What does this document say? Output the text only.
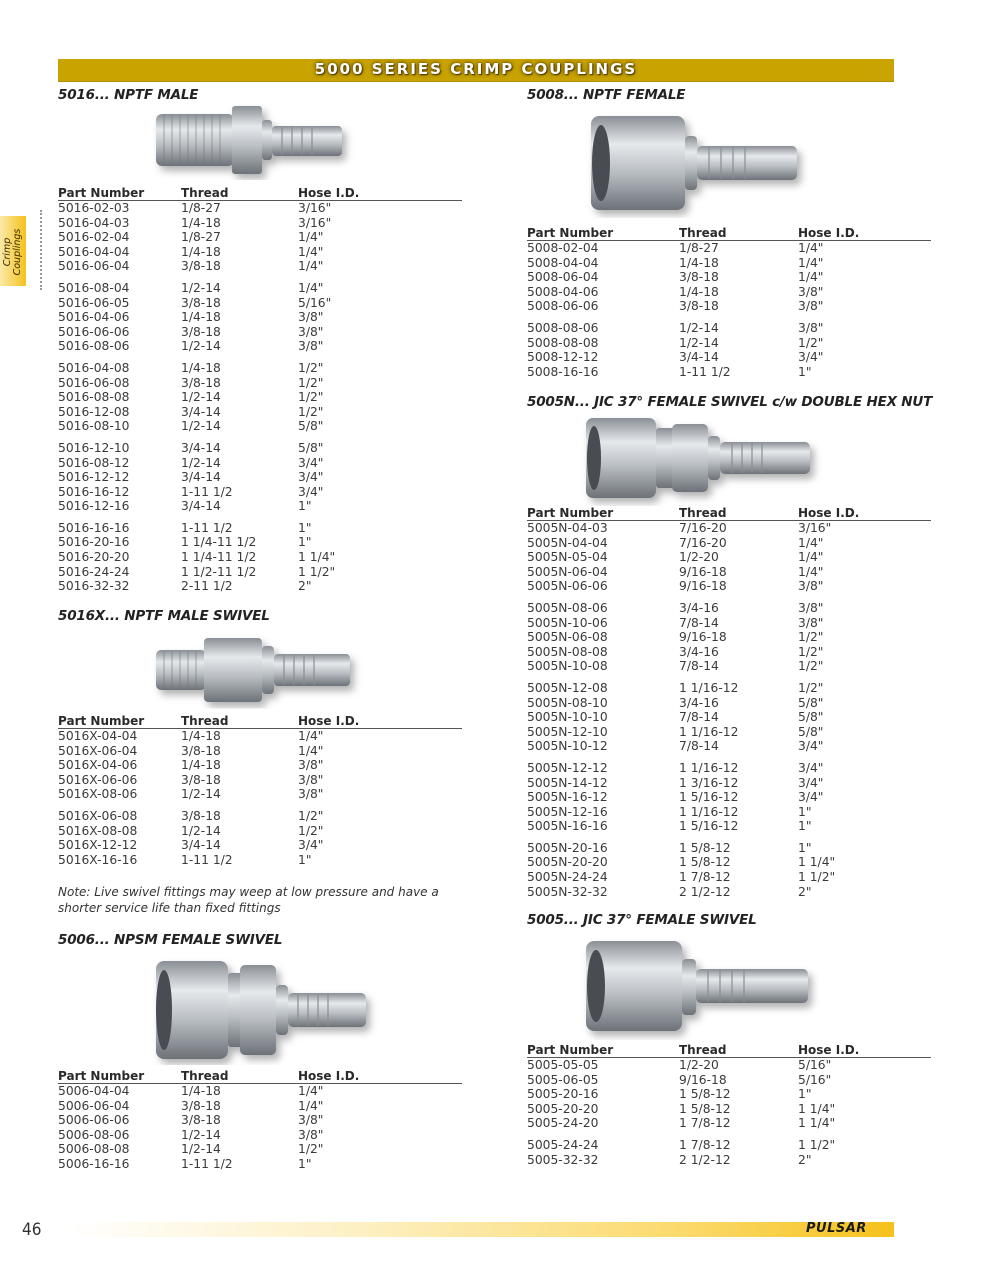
5000 SERIES CRIMP COUPLINGS
Crimp Couplings
5016... NPTF MALE
5016X... NPTF MALE SWIVEL
5006... NPSM FEMALE SWIVEL
5008... NPTF FEMALE
5005N... JIC 37° FEMALE SWIVEL c/w DOUBLE HEX NUT
5005... JIC 37° FEMALE SWIVEL
Note: Live swivel fittings may weep at low pressure and have a shorter service life than fixed fittings
Part Number	Thread	Hose I.D.
5016-02-03	1/8-27	3/16"
5016-04-03	1/4-18	3/16"
5016-02-04	1/8-27	1/4"
5016-04-04	1/4-18	1/4"
5016-06-04	3/8-18	1/4"
5016-08-04	1/2-14	1/4"
5016-06-05	3/8-18	5/16"
5016-04-06	1/4-18	3/8"
5016-06-06	3/8-18	3/8"
5016-08-06	1/2-14	3/8"
5016-04-08	1/4-18	1/2"
5016-06-08	3/8-18	1/2"
5016-08-08	1/2-14	1/2"
5016-12-08	3/4-14	1/2"
5016-08-10	1/2-14	5/8"
5016-12-10	3/4-14	5/8"
5016-08-12	1/2-14	3/4"
5016-12-12	3/4-14	3/4"
5016-16-12	1-11 1/2	3/4"
5016-12-16	3/4-14	1"
5016-16-16	1-11 1/2	1"
5016-20-16	1 1/4-11 1/2	1"
5016-20-20	1 1/4-11 1/2	1 1/4"
5016-24-24	1 1/2-11 1/2	1 1/2"
5016-32-32	2-11 1/2	2"
Part Number	Thread	Hose I.D.
5016X-04-04	1/4-18	1/4"
5016X-06-04	3/8-18	1/4"
5016X-04-06	1/4-18	3/8"
5016X-06-06	3/8-18	3/8"
5016X-08-06	1/2-14	3/8"
5016X-06-08	3/8-18	1/2"
5016X-08-08	1/2-14	1/2"
5016X-12-12	3/4-14	3/4"
5016X-16-16	1-11 1/2	1"
Part Number	Thread	Hose I.D.
5006-04-04	1/4-18	1/4"
5006-06-04	3/8-18	1/4"
5006-06-06	3/8-18	3/8"
5006-08-06	1/2-14	3/8"
5006-08-08	1/2-14	1/2"
5006-16-16	1-11 1/2	1"
Part Number	Thread	Hose I.D.
5008-02-04	1/8-27	1/4"
5008-04-04	1/4-18	1/4"
5008-06-04	3/8-18	1/4"
5008-04-06	1/4-18	3/8"
5008-06-06	3/8-18	3/8"
5008-08-06	1/2-14	3/8"
5008-08-08	1/2-14	1/2"
5008-12-12	3/4-14	3/4"
5008-16-16	1-11 1/2	1"
Part Number	Thread	Hose I.D.
5005N-04-03	7/16-20	3/16"
5005N-04-04	7/16-20	1/4"
5005N-05-04	1/2-20	1/4"
5005N-06-04	9/16-18	1/4"
5005N-06-06	9/16-18	3/8"
5005N-08-06	3/4-16	3/8"
5005N-10-06	7/8-14	3/8"
5005N-06-08	9/16-18	1/2"
5005N-08-08	3/4-16	1/2"
5005N-10-08	7/8-14	1/2"
5005N-12-08	1 1/16-12	1/2"
5005N-08-10	3/4-16	5/8"
5005N-10-10	7/8-14	5/8"
5005N-12-10	1 1/16-12	5/8"
5005N-10-12	7/8-14	3/4"
5005N-12-12	1 1/16-12	3/4"
5005N-14-12	1 3/16-12	3/4"
5005N-16-12	1 5/16-12	3/4"
5005N-12-16	1 1/16-12	1"
5005N-16-16	1 5/16-12	1"
5005N-20-16	1 5/8-12	1"
5005N-20-20	1 5/8-12	1 1/4"
5005N-24-24	1 7/8-12	1 1/2"
5005N-32-32	2 1/2-12	2"
Part Number	Thread	Hose I.D.
5005-05-05	1/2-20	5/16"
5005-06-05	9/16-18	5/16"
5005-20-16	1 5/8-12	1"
5005-20-20	1 5/8-12	1 1/4"
5005-24-20	1 7/8-12	1 1/4"
5005-24-24	1 7/8-12	1 1/2"
5005-32-32	2 1/2-12	2"
46	PULSAR
